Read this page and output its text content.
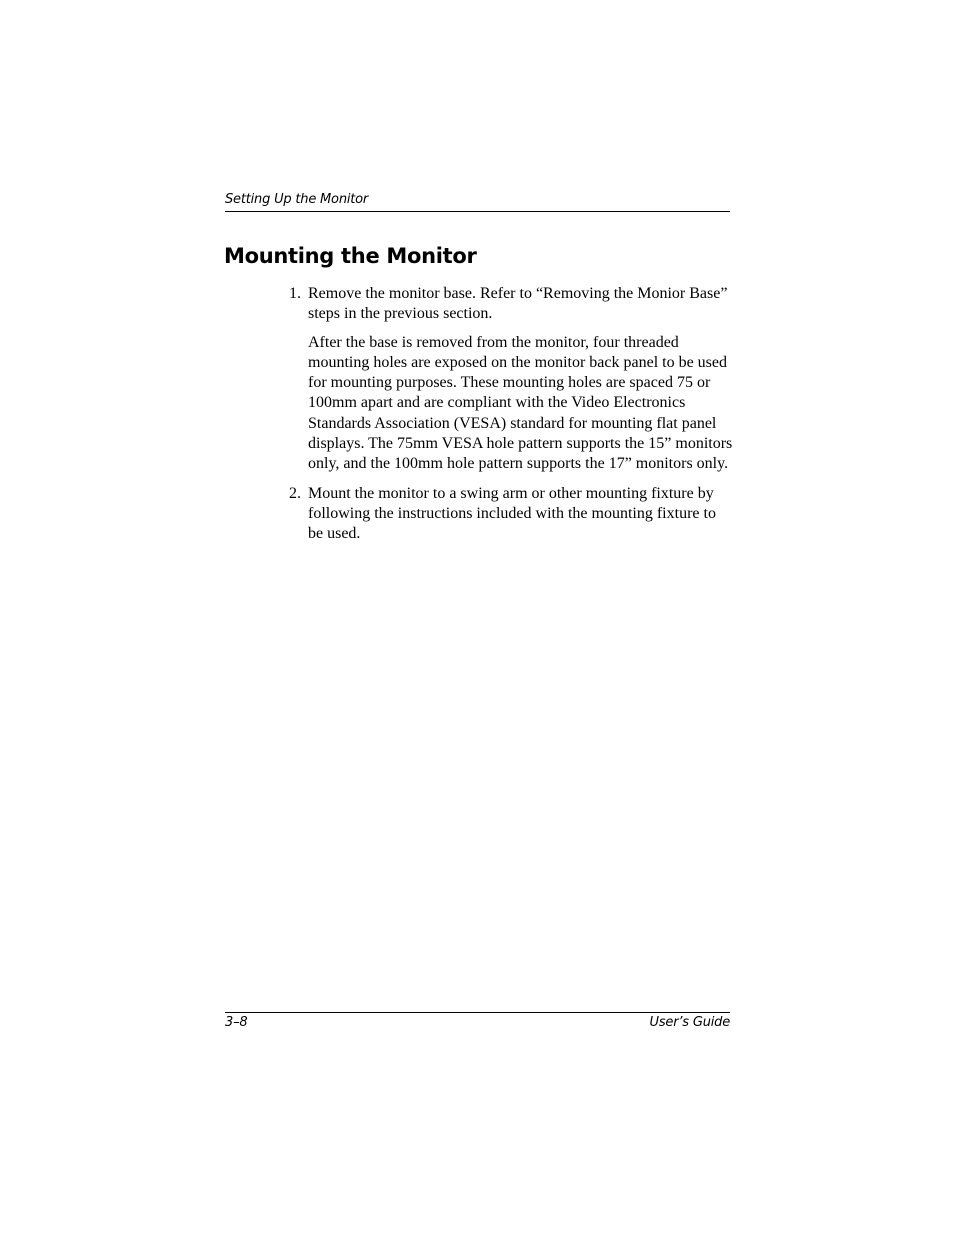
Setting Up the Monitor
Mounting the Monitor
1. Remove the monitor base. Refer to “Removing the Monior Base” steps in the previous section.

After the base is removed from the monitor, four threaded mounting holes are exposed on the monitor back panel to be used for mounting purposes. These mounting holes are spaced 75 or 100mm apart and are compliant with the Video Electronics Standards Association (VESA) standard for mounting flat panel displays. The 75mm VESA hole pattern supports the 15” monitors only, and the 100mm hole pattern supports the 17” monitors only.

2. Mount the monitor to a swing arm or other mounting fixture by following the instructions included with the mounting fixture to be used.

3–8	User’s Guide
